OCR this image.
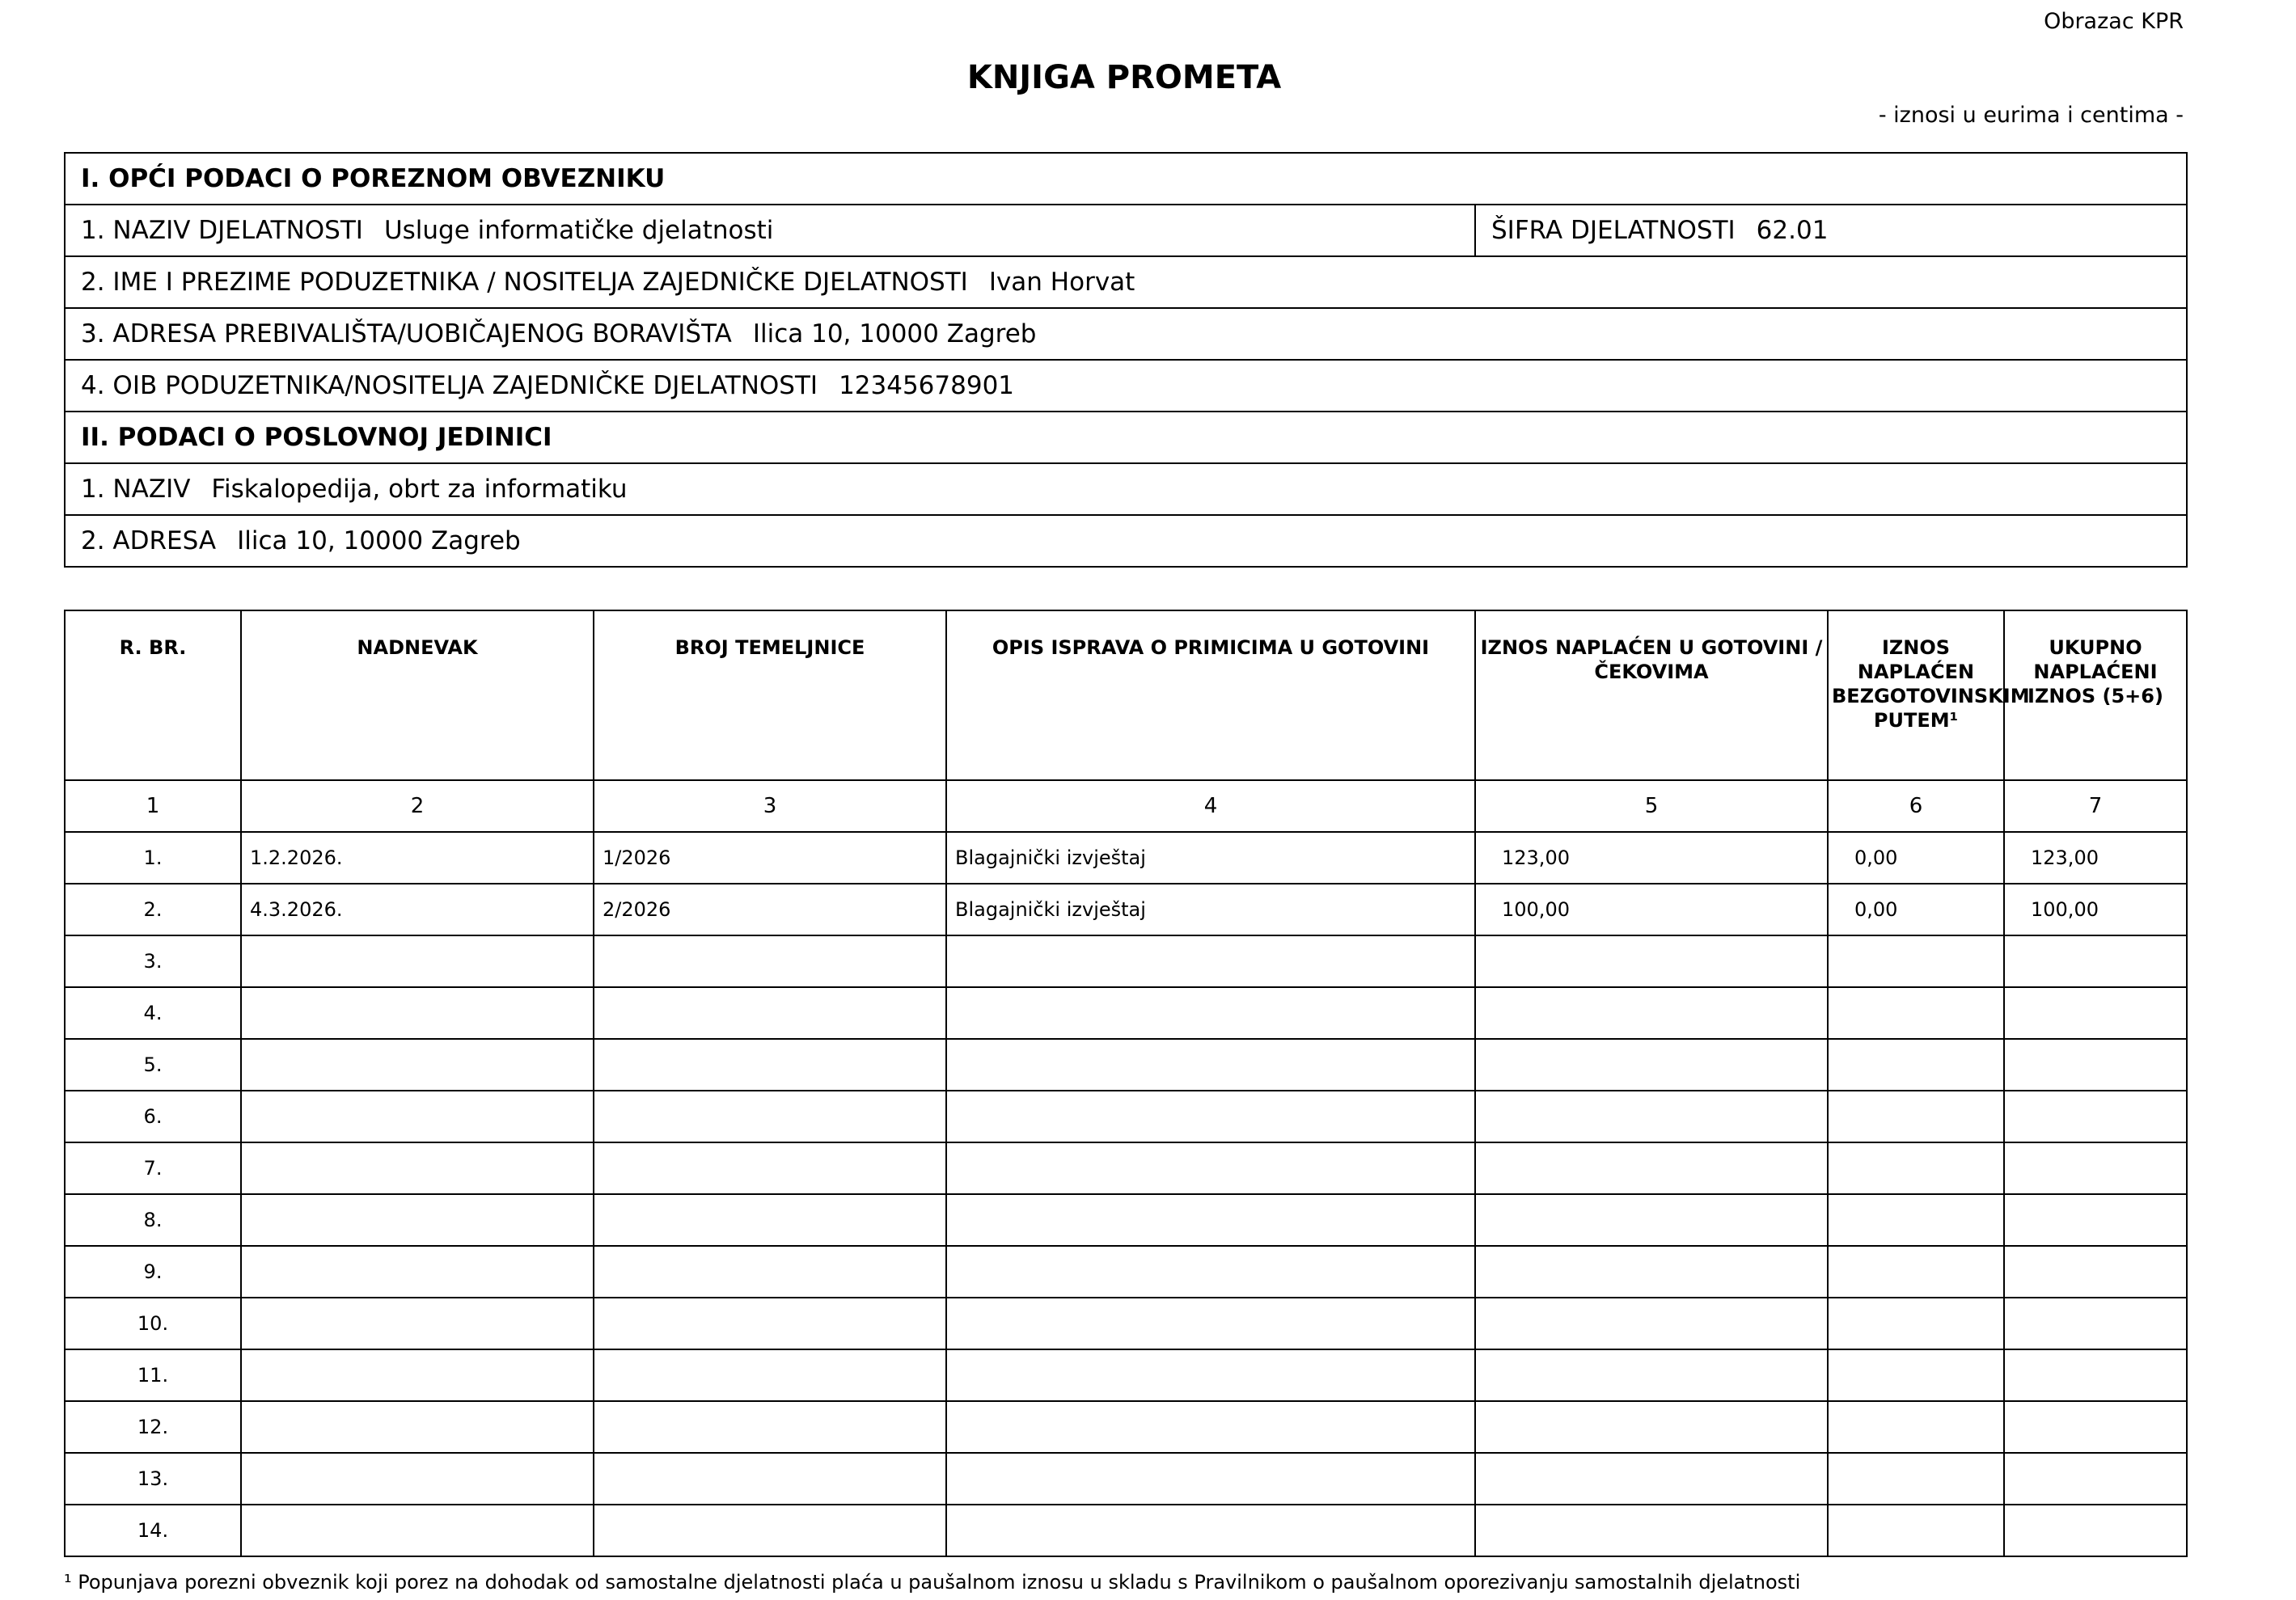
Obrazac KPR
KNJIGA PROMETA
- iznosi u eurima i centima -
I. OPĆI PODACI O POREZNOM OBVEZNIKU
1. NAZIV DJELATNOSTI Usluge informatičke djelatnosti	ŠIFRA DJELATNOSTI 62.01
2. IME I PREZIME PODUZETNIKA / NOSITELJA ZAJEDNIČKE DJELATNOSTI Ivan Horvat
3. ADRESA PREBIVALIŠTA/UOBIČAJENOG BORAVIŠTA Ilica 10, 10000 Zagreb
4. OIB PODUZETNIKA/NOSITELJA ZAJEDNIČKE DJELATNOSTI 12345678901
II. PODACI O POSLOVNOJ JEDINICI
1. NAZIV Fiskalopedija, obrt za informatiku
2. ADRESA Ilica 10, 10000 Zagreb
R. BR.	NADNEVAK	BROJ TEMELJNICE	OPIS ISPRAVA O PRIMICIMA U GOTOVINI	IZNOS NAPLAĆEN U GOTOVINI / ČEKOVIMA	IZNOS NAPLAĆEN BEZGOTOVINSKIM PUTEM¹	UKUPNO NAPLAĆENI IZNOS (5+6)
1	2	3	4	5	6	7
1.	1.2.2026.	1/2026	Blagajnički izvještaj	123,00	0,00	123,00
2.	4.3.2026.	2/2026	Blagajnički izvještaj	100,00	0,00	100,00
3.						
4.						
5.						
6.						
7.						
8.						
9.						
10.						
11.						
12.						
13.						
14.						
¹ Popunjava porezni obveznik koji porez na dohodak od samostalne djelatnosti plaća u paušalnom iznosu u skladu s Pravilnikom o paušalnom oporezivanju samostalnih djelatnosti
